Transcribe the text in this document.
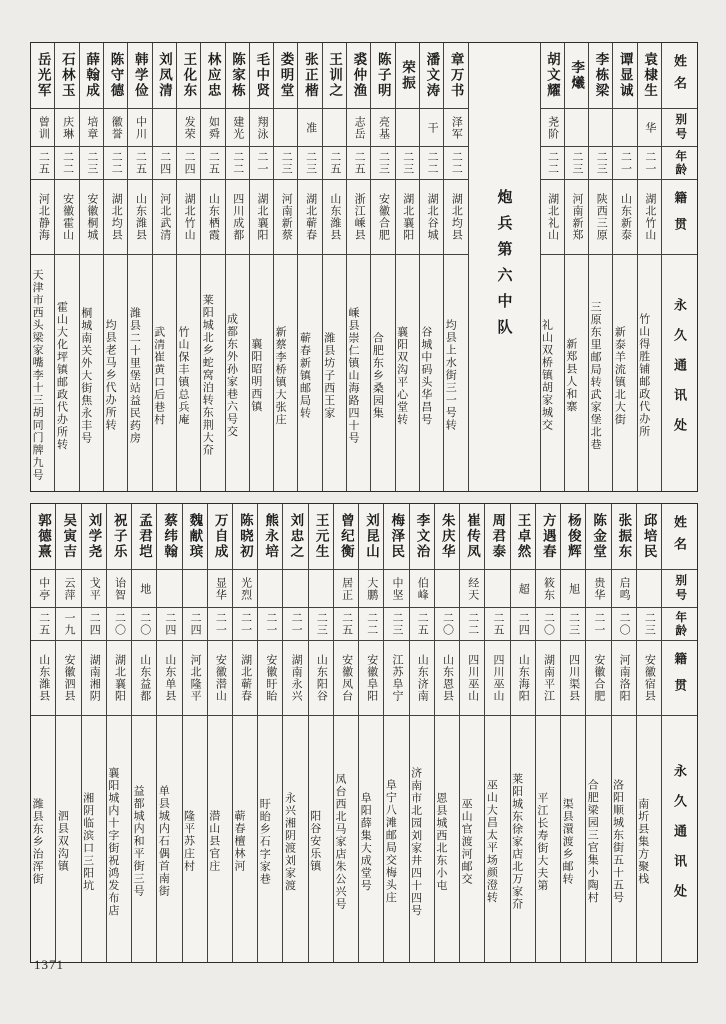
姓名
别号
年龄
籍贯
永久通讯处
袁棣生
华
二一
湖北竹山
竹山得胜铺邮政代办所
谭显诚
二一
山东新泰
新泰羊流镇北大街
李栋梁
二三
陕西三原
三原东里邮局转武家堡北巷
李爔
二三
河南新郑
新郑县人和寨
胡文耀
尧阶
二二
湖北礼山
礼山双桥镇胡家城交
炮兵第六中队
章万书
泽军
二二
湖北均县
均县上水街三一号转
潘文涛
干
二二
湖北谷城
谷城中码头华昌号
荣振
二三
湖北襄阳
襄阳双沟平心堂转
陈子明
亮基
二三
安徽合肥
合肥东乡桑园集
裘仲渔
志岳
二五
浙江嵊县
嵊县崇仁镇山海路四十号
王训之
二五
山东潍县
潍县坊子西王家
张正楷
准
二三
湖北蕲春
蕲春新镇邮局转
娄明堂
二三
河南新蔡
新蔡李桥镇大张庄
毛中贤
翔泳
二一
湖北襄阳
襄阳昭明西镇
陈家栋
建光
二二
四川成都
成都东外孙家巷六号交
林应忠
如舜
二五
山东栖霞
莱阳城北乡蛇窝泊转东荆大夼
王化东
发荣
二四
湖北竹山
竹山保丰镇总兵庵
刘凤清
二四
河北武清
武清崔黄口后巷村
韩学俭
中川
二五
山东潍县
潍县二十里堡站益民药房
陈守德
徽誉
二二
湖北均县
均县老马乡代办所转
薛翰成
培章
二三
安徽桐城
桐城南关外大街焦永丰号
石林玉
庆琳
二二
安徽霍山
霍山大化坪镇邮政代办所转
岳光军
曾训
二五
河北静海
天津市西头梁家嘴李十三胡同门牌九号
姓名
别号
年龄
籍贯
永久通讯处
邱培民
二三
安徽宿县
南圻县集方聚栈
张振东
启鸣
二〇
河南洛阳
洛阳顺城东街五十五号
陈金堂
贵华
二一
安徽合肥
合肥梁园三官集小陶村
杨俊辉
旭
二三
四川渠县
渠县澴渡乡邮转
方遇春
筱东
二〇
湖南平江
平江长寿街大夫第
王卓然
超
二四
山东海阳
莱阳城东徐家店北万家夼
周君泰
二五
四川巫山
巫山大昌太平场颜澄转
崔传凤
经天
二二
四川巫山
巫山官渡河邮交
朱庆华
二〇
山东恩县
恩县城西北东小屯
李文治
伯峰
二五
山东济南
济南市北园刘家井四十四号
梅泽民
中坚
二三
江苏阜宁
阜宁八滩邮局交梅头庄
刘昆山
大鹏
二二
安徽阜阳
阜阳薛集大成堂号
曾纪衡
居正
二五
安徽凤台
凤台西北马家店朱公兴号
王元生
二三
山东阳谷
阳谷安乐镇
刘忠之
二一
湖南永兴
永兴湘阴渡刘家渡
熊永培
二一
安徽盱眙
盱眙乡石字家巷
陈晓初
光烈
二一
湖北蕲春
蕲春檀林河
万自成
显华
二一
安徽潜山
潜山县官庄
魏献瑸
二四
河北隆平
隆平苏庄村
蔡纬翰
二四
山东单县
单县城内石偶首南街
孟君垲
地
二〇
山东益都
益都城内和平街三号
祝子乐
诒智
二〇
湖北襄阳
襄阳城内十字街祝鸿发布店
刘学尧
戈平
二四
湖南湘阴
湘阴临滨口三阳坑
吴寅吉
云萍
一九
安徽泗县
泗县双沟镇
郭德熹
中亭
二五
山东潍县
潍县东乡治浑街
1371
